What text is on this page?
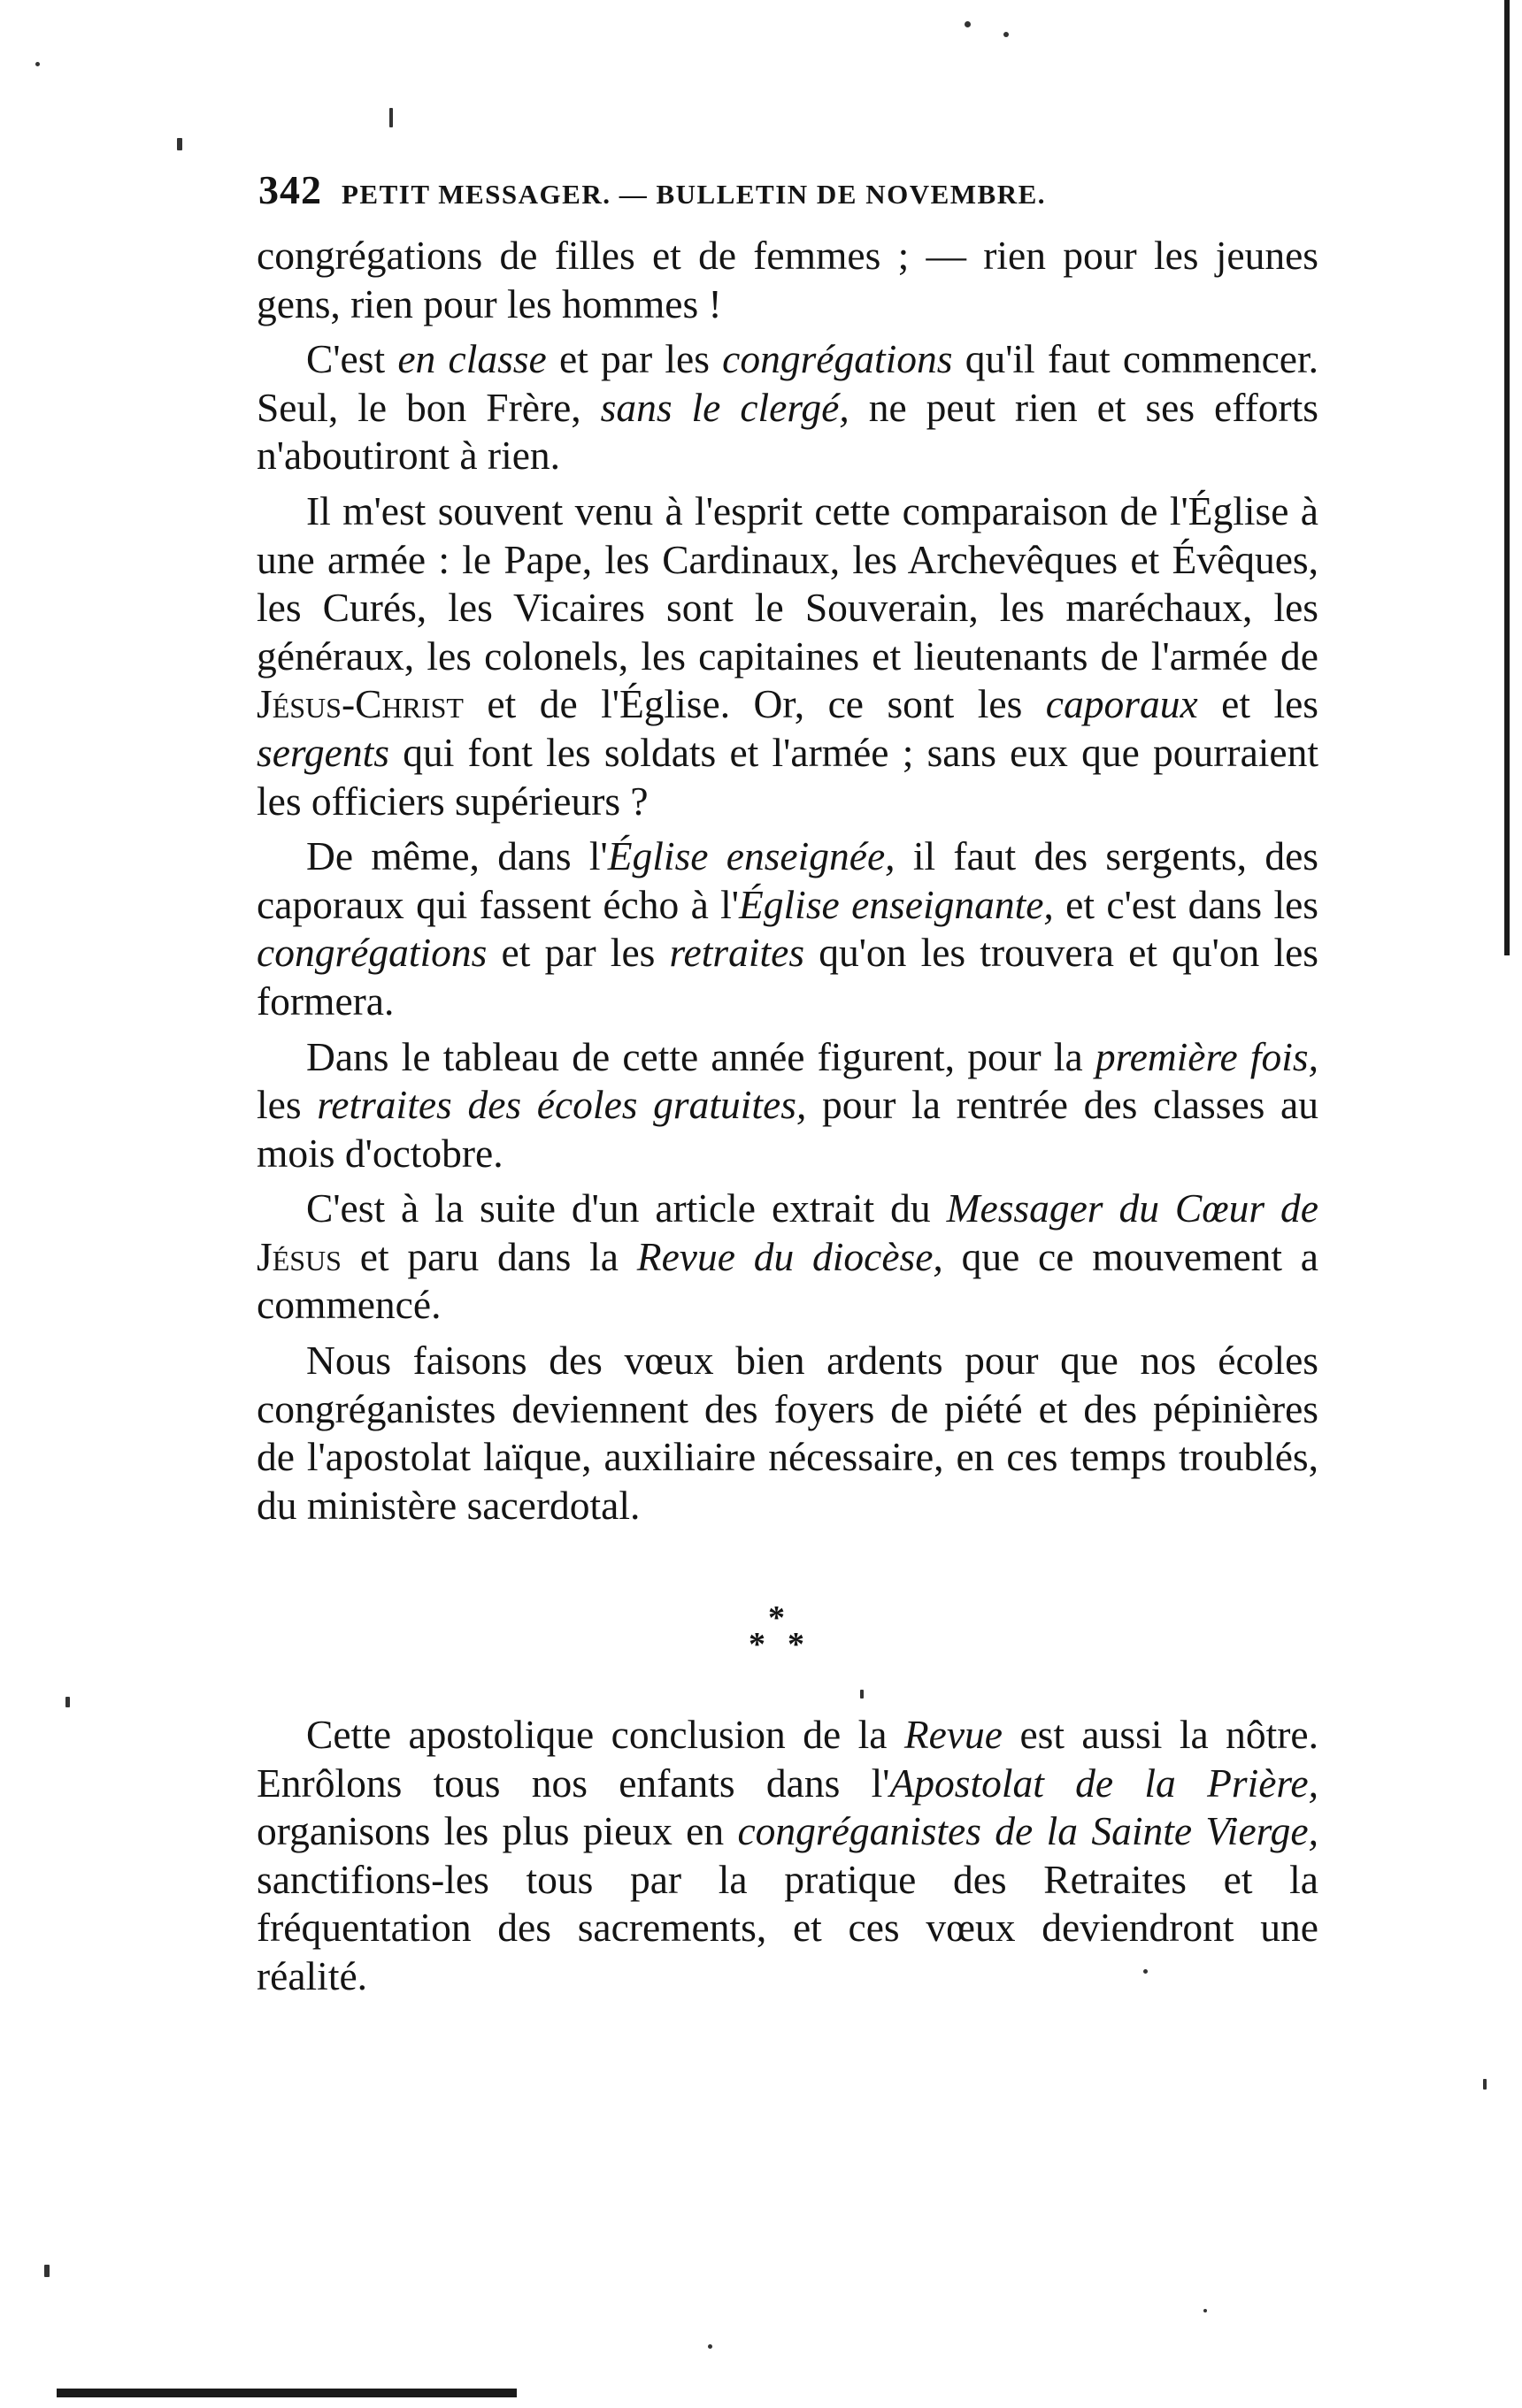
342 PETIT MESSAGER. — BULLETIN DE NOVEMBRE.

congrégations de filles et de femmes ; — rien pour les jeunes gens, rien pour les hommes !

C'est en classe et par les congrégations qu'il faut commencer. Seul, le bon Frère, sans le clergé, ne peut rien et ses efforts n'aboutiront à rien.

Il m'est souvent venu à l'esprit cette comparaison de l'Église à une armée : le Pape, les Cardinaux, les Archevêques et Évêques, les Curés, les Vicaires sont le Souverain, les maréchaux, les généraux, les colonels, les capitaines et lieutenants de l'armée de Jésus-Christ et de l'Église. Or, ce sont les caporaux et les sergents qui font les soldats et l'armée ; sans eux que pourraient les officiers supérieurs ?

De même, dans l'Église enseignée, il faut des sergents, des caporaux qui fassent écho à l'Église enseignante, et c'est dans les congrégations et par les retraites qu'on les trouvera et qu'on les formera.

Dans le tableau de cette année figurent, pour la première fois, les retraites des écoles gratuites, pour la rentrée des classes au mois d'octobre.

C'est à la suite d'un article extrait du Messager du Cœur de Jésus et paru dans la Revue du diocèse, que ce mouvement a commencé.

Nous faisons des vœux bien ardents pour que nos écoles congréganistes deviennent des foyers de piété et des pépinières de l'apostolat laïque, auxiliaire nécessaire, en ces temps troublés, du ministère sacerdotal.

*
* *

Cette apostolique conclusion de la Revue est aussi la nôtre. Enrôlons tous nos enfants dans l'Apostolat de la Prière, organisons les plus pieux en congréganistes de la Sainte Vierge, sanctifions-les tous par la pratique des Retraites et la fréquentation des sacrements, et ces vœux deviendront une réalité.
